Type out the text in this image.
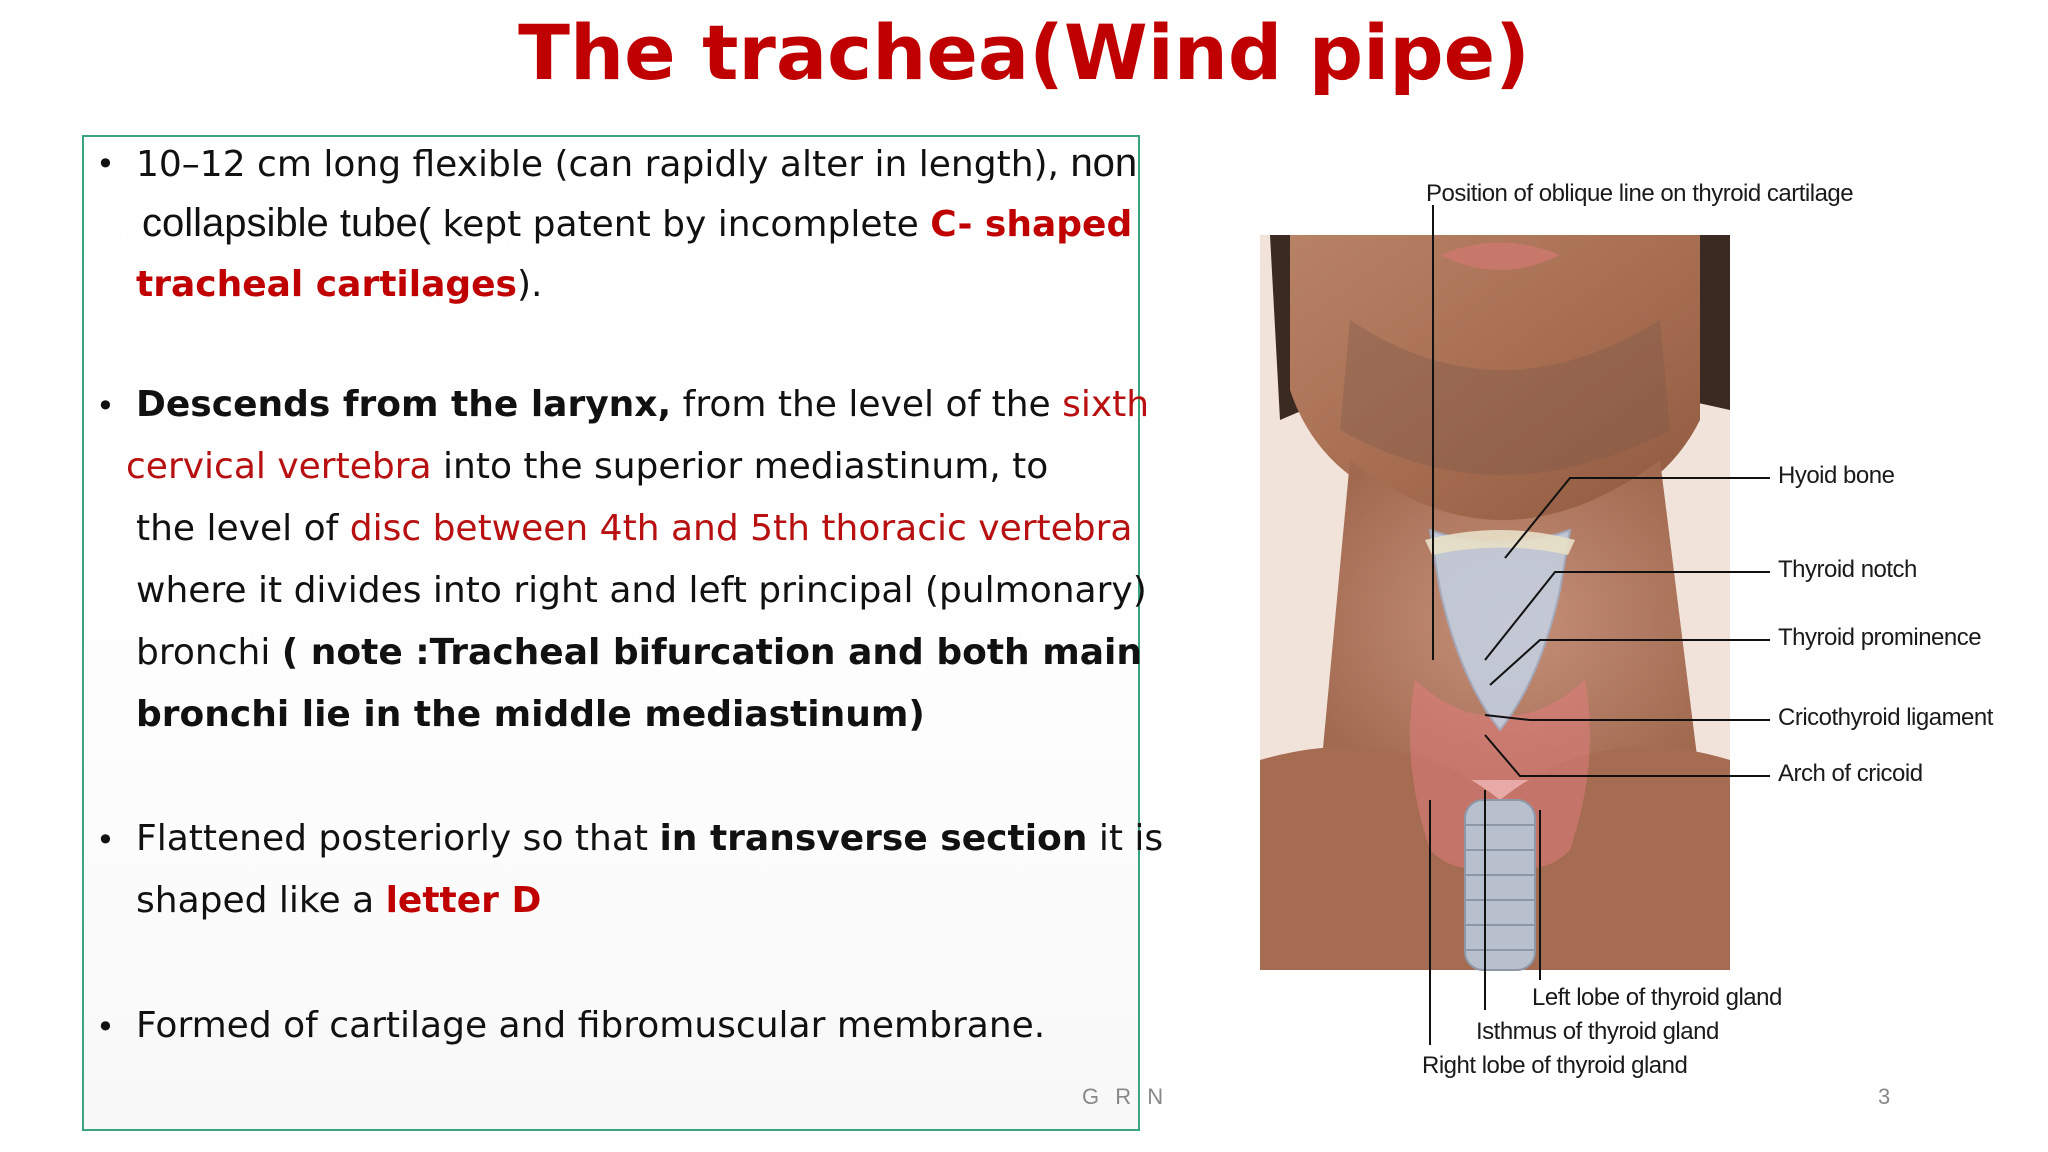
The trachea(Wind pipe)
• 10–12 cm long flexible (can rapidly alter in length), non
collapsible tube( kept patent by incomplete C- shaped
tracheal cartilages).
• Descends from the larynx, from the level of the sixth
cervical vertebra into the superior mediastinum, to
the level of disc between 4th and 5th thoracic vertebra
where it divides into right and left principal (pulmonary)
bronchi ( note :Tracheal bifurcation and both main
bronchi lie in the middle mediastinum)
• Flattened posteriorly so that in transverse section it is
shaped like a letter D
• Formed of cartilage and fibromuscular membrane.
G R N	3
Position of oblique line on thyroid cartilage
Hyoid bone
Thyroid notch
Thyroid prominence
Cricothyroid ligament
Arch of cricoid
Left lobe of thyroid gland
Isthmus of thyroid gland
Right lobe of thyroid gland
